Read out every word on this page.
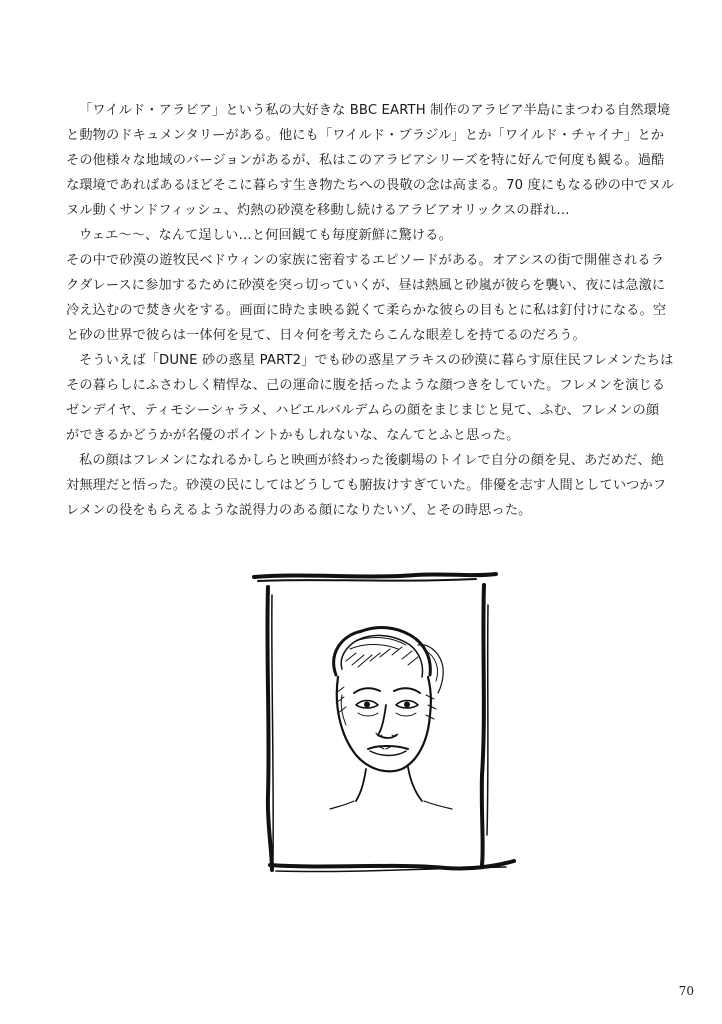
「ワイルド・アラビア」という私の大好きな BBC EARTH 制作のアラビア半島にまつわる自然環境
と動物のドキュメンタリーがある。他にも「ワイルド・ブラジル」とか「ワイルド・チャイナ」とか
その他様々な地域のバージョンがあるが、私はこのアラビアシリーズを特に好んで何度も観る。過酷
な環境であればあるほどそこに暮らす生き物たちへの畏敬の念は高まる。70 度にもなる砂の中でヌル
ヌル動くサンドフィッシュ、灼熱の砂漠を移動し続けるアラビアオリックスの群れ…
ウェエ〜〜、なんて逞しい…と何回観ても毎度新鮮に驚ける。
その中で砂漠の遊牧民ベドウィンの家族に密着するエピソードがある。オアシスの街で開催されるラ
クダレースに参加するために砂漠を突っ切っていくが、昼は熱風と砂嵐が彼らを襲い、夜には急激に
冷え込むので焚き火をする。画面に時たま映る鋭くて柔らかな彼らの目もとに私は釘付けになる。空
と砂の世界で彼らは一体何を見て、日々何を考えたらこんな眼差しを持てるのだろう。
そういえば「DUNE 砂の惑星 PART2」でも砂の惑星アラキスの砂漠に暮らす原住民フレメンたちは
その暮らしにふさわしく精悍な、己の運命に腹を括ったような顔つきをしていた。フレメンを演じる
ゼンデイヤ、ティモシーシャラメ、ハビエルバルデムらの顔をまじまじと見て、ふむ、フレメンの顔
ができるかどうかが名優のポイントかもしれないな、なんてとふと思った。
私の顔はフレメンになれるかしらと映画が終わった後劇場のトイレで自分の顔を見、あだめだ、絶
対無理だと悟った。砂漠の民にしてはどうしても腑抜けすぎていた。俳優を志す人間としていつかフ
レメンの役をもらえるような説得力のある顔になりたいゾ、とその時思った。
70
